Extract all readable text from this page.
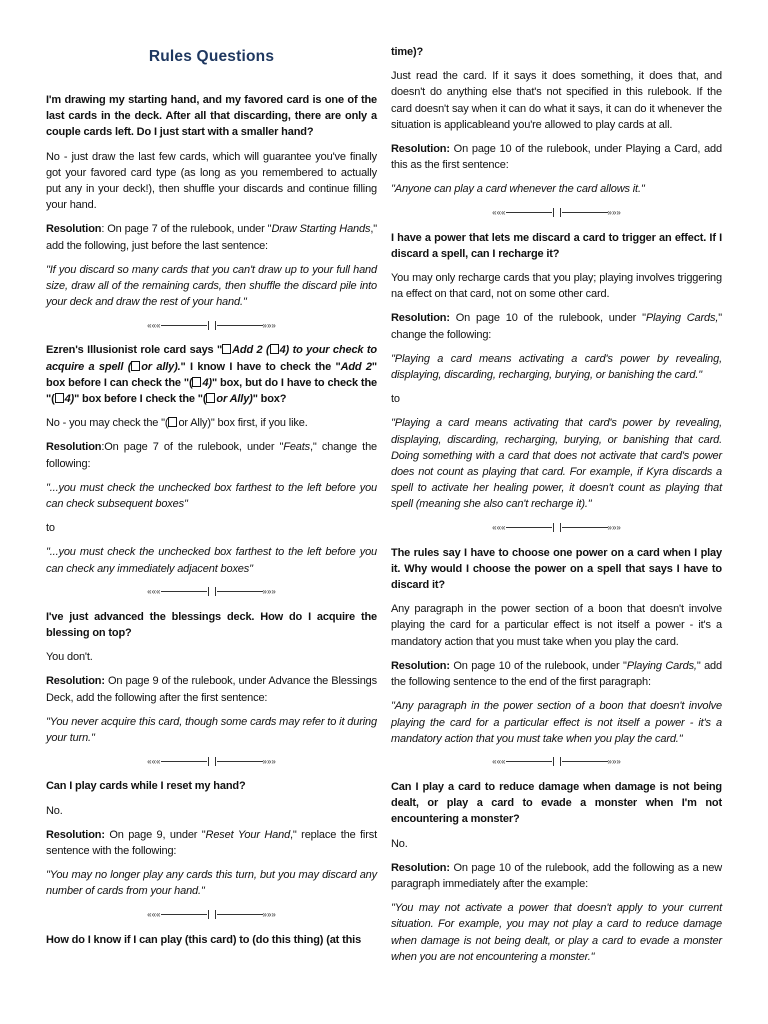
Rules Questions

I'm drawing my starting hand, and my favored card is one of the last cards in the deck. After all that discarding, there are only a couple cards left. Do I just start with a smaller hand?

No - just draw the last few cards, which will guarantee you've finally got your favored card type (as long as you remembered to actually put any in your deck!), then shuffle your discards and continue filling your hand.

Resolution: On page 7 of the rulebook, under "Draw Starting Hands," add the following, just before the last sentence:

"If you discard so many cards that you can't draw up to your full hand size, draw all of the remaining cards, then shuffle the discard pile into your deck and draw the rest of your hand."

«««	»»»

Ezren's Illusionist role card says " Add 2 ( 4) to your check to acquire a spell ( or ally)." I know I have to check the "Add 2" box before I can check the "( 4)" box, but do I have to check the "( 4)" box before I check the "( or Ally)" box?

No - you may check the "( or Ally)" box first, if you like.

Resolution:On page 7 of the rulebook, under "Feats," change the following:

"...you must check the unchecked box farthest to the left before you can check subsequent boxes"

to

"...you must check the unchecked box farthest to the left before you can check any immediately adjacent boxes"

«««	»»»

I've just advanced the blessings deck. How do I acquire the blessing on top?

You don't.

Resolution: On page 9 of the rulebook, under Advance the Blessings Deck, add the following after the first sentence:

"You never acquire this card, though some cards may refer to it during your turn."

«««	»»»

Can I play cards while I reset my hand?

No.

Resolution: On page 9, under "Reset Your Hand," replace the first sentence with the following:

"You may no longer play any cards this turn, but you may discard any number of cards from your hand."

«««	»»»

How do I know if I can play (this card) to (do this thing) (at this

time)?

Just read the card. If it says it does something, it does that, and doesn't do anything else that's not specified in this rulebook. If the card doesn't say when it can do what it says, it can do it whenever the situation is applicableand you're allowed to play cards at all.

Resolution: On page 10 of the rulebook, under Playing a Card, add this as the first sentence:

"Anyone can play a card whenever the card allows it."

«««	»»»

I have a power that lets me discard a card to trigger an effect. If I discard a spell, can I recharge it?

You may only recharge cards that you play; playing involves triggering na effect on that card, not on some other card.

Resolution: On page 10 of the rulebook, under "Playing Cards," change the following:

"Playing a card means activating a card's power by revealing, displaying, discarding, recharging, burying, or banishing the card."

to

"Playing a card means activating that card's power by revealing, displaying, discarding, recharging, burying, or banishing that card. Doing something with a card that does not activate that card's power does not count as playing that card. For example, if Kyra discards a spell to activate her healing power, it doesn't count as playing that spell (meaning she also can't recharge it)."

«««	»»»

The rules say I have to choose one power on a card when I play it. Why would I choose the power on a spell that says I have to discard it?

Any paragraph in the power section of a boon that doesn't involve playing the card for a particular effect is not itself a power - it's a mandatory action that you must take when you play the card.

Resolution: On page 10 of the rulebook, under "Playing Cards," add the following sentence to the end of the first paragraph:

"Any paragraph in the power section of a boon that doesn't involve playing the card for a particular effect is not itself a power - it's a mandatory action that you must take when you play the card."

«««	»»»

Can I play a card to reduce damage when damage is not being dealt, or play a card to evade a monster when I'm not encountering a monster?

No.

Resolution: On page 10 of the rulebook, add the following as a new paragraph immediately after the example:

"You may not activate a power that doesn't apply to your current situation. For example, you may not play a card to reduce damage when damage is not being dealt, or play a card to evade a monster when you are not encountering a monster."
